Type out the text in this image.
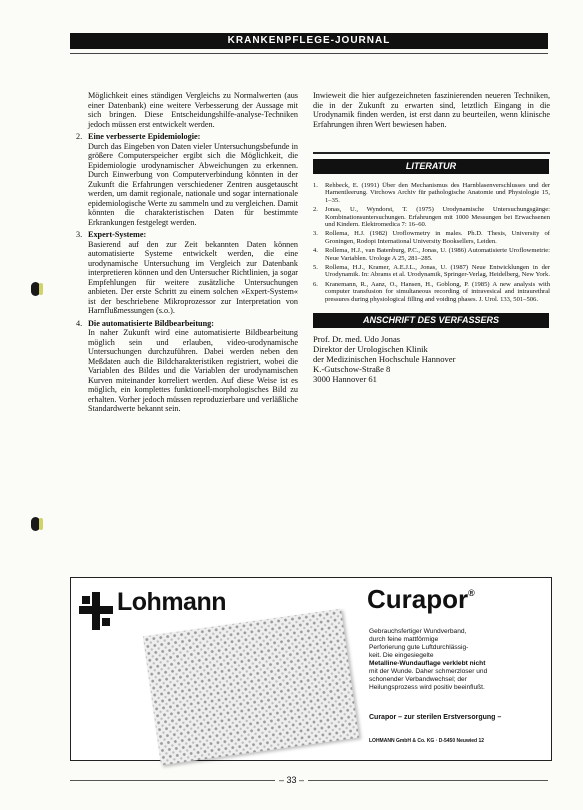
KRANKENPFLEGE-JOURNAL

Möglichkeit eines ständigen Vergleichs zu Normalwerten (aus einer Datenbank) eine weitere Verbesserung der Aussage mit sich bringen. Diese Entscheidungshilfe-analyse-Techniken jedoch müssen erst entwickelt werden.

2. Eine verbesserte Epidemiologie:
Durch das Eingeben von Daten vieler Untersuchungsbefunde in größere Computerspeicher ergibt sich die Möglichkeit, die Epidemiologie urodynamischer Abweichungen zu erkennen. Durch Einwerbung von Computerverbindung könnten in der Zukunft die Erfahrungen verschiedener Zentren ausgetauscht werden, um damit regionale, nationale und sogar internationale epidemiologische Werte zu sammeln und zu vergleichen. Damit könnten die charakteristischen Daten für bestimmte Erkrankungen festgelegt werden.
3. Expert-Systeme:
Basierend auf den zur Zeit bekannten Daten können automatisierte Systeme entwickelt werden, die eine urodynamische Untersuchung im Vergleich zur Datenbank interpretieren können und den Untersucher Richtlinien, ja sogar Empfehlungen für weitere zusätzliche Untersuchungen anbieten. Der erste Schritt zu einem solchen »Expert-System« ist der beschriebene Mikroprozessor zur Interpretation von Harnflußmessungen (s.o.).
4. Die automatisierte Bildbearbeitung:
In naher Zukunft wird eine automatisierte Bildbearbeitung möglich sein und erlauben, video-urodynamische Untersuchungen durchzuführen. Dabei werden neben den Meßdaten auch die Bildcharakteristiken registriert, wobei die Variablen des Bildes und die Variablen der urodynamischen Kurven miteinander korreliert werden. Auf diese Weise ist es möglich, ein komplettes funktionell-morphologisches Bild zu erhalten. Vorher jedoch müssen reproduzierbare und verläßliche Standardwerte bekannt sein.

Inwieweit die hier aufgezeichneten faszinierenden neueren Techniken, die in der Zukunft zu erwarten sind, letztlich Eingang in die Urodynamik finden werden, ist erst dann zu beurteilen, wenn klinische Erfahrungen ihren Wert bewiesen haben.

LITERATUR
1.	Rehbeck, E. (1991) Über den Mechanismus des Harnblasenverschlusses und der Harnentleerung. Virchows Archiv für pathologische Anatomie und Physiologie 15, 1–35.
2.	Jonas, U., Wyndorst, T. (1975) Urodynamische Untersuchungsgänge: Kombinationsuntersuchungen. Erfahrungen mit 1000 Messungen bei Erwachsenen und Kindern. Elektromedica 7: 16–60.
3.	Rollema, H.J. (1982) Uroflowmetry in males. Ph.D. Thesis, University of Groningen, Rodopi International University Booksellers, Leiden.
4.	Rollema, H.J., van Batenburg, P.C., Jonas, U. (1986) Automatisierte Uroflowmetrie: Neue Variablen. Urologe A 25, 281–285.
5.	Rollema, H.J., Kramer, A.E.J.L., Jonas, U. (1987) Neue Entwicklungen in der Urodynamik. In: Abrams et al. Urodynamik, Springer-Verlag, Heidelberg, New York.
6.	Kranemann, R., Aanz, O., Hansen, H., Goblong, P. (1985) A new analysis with computer transfusion for simultaneous recording of intravesical and intraurethral pressures during physiological filling and voiding phases. J. Urol. 133, 501–506.
ANSCHRIFT DES VERFASSERS
Prof. Dr. med. Udo Jonas
Direktor der Urologischen Klinik
der Medizinischen Hochschule Hannover
K.-Gutschow-Straße 8
3000 Hannover 61
Lohmann	Curapor®
Gebrauchsfertiger Wundverband,
durch feine mattförmige
Perforierung gute Luftdurchlässig-
keit. Die eingesiegelte
Metalline-Wundauflage verklebt nicht
mit der Wunde. Daher schmerzloser und
schonender Verbandwechsel; der
Heilungsprozess wird positiv beeinflußt.
Curapor – zur sterilen Erstversorgung –
LOHMANN GmbH & Co. KG · D-5450 Neuwied 12
– 33 –
